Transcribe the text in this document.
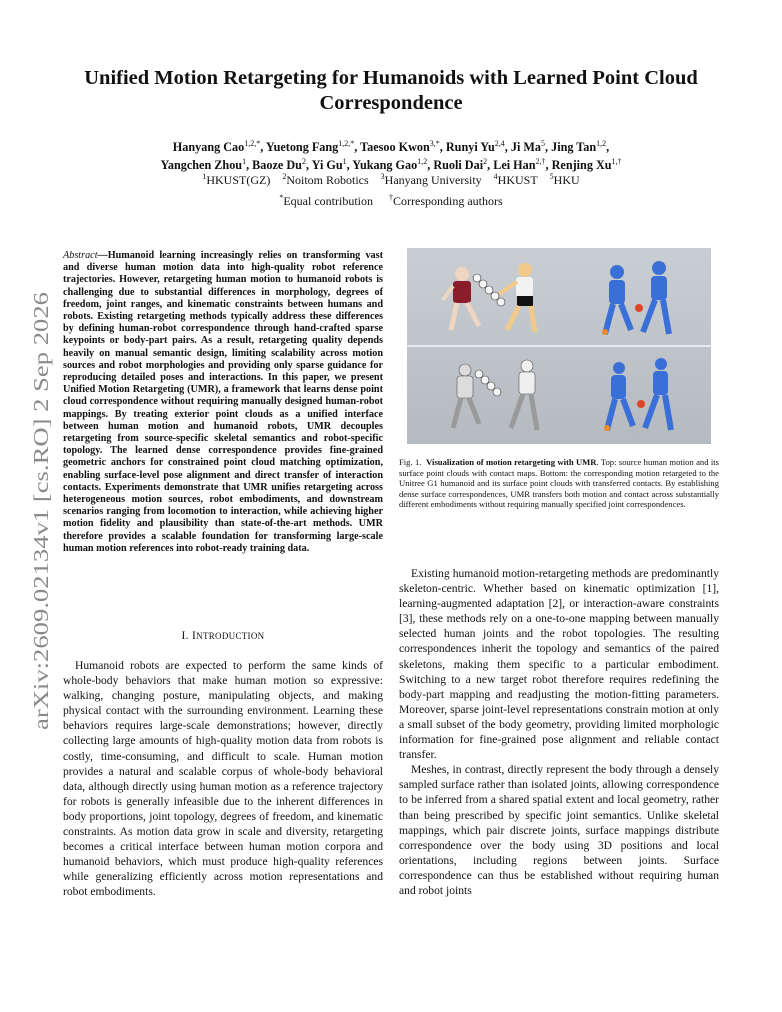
arXiv:2609.02134v1 [cs.RO] 2 Sep 2026
Unified Motion Retargeting for Humanoids with Learned Point Cloud Correspondence
Hanyang Cao$^{1,2,*}$, Yuetong Fang$^{1,2,*}$, Taesoo Kwon$^{3,*}$, Runyi Yu$^{2,4}$, Ji Ma$^5$, Jing Tan$^{1,2}$,
Yangchen Zhou$^1$, Baoze Du$^2$, Yi Gu$^1$, Yukang Gao$^{1,2}$, Ruoli Dai$^2$, Lei Han$^{2,\dagger}$, Renjing $Xu^{1,\dagger}$
$^1$HKUST(GZ) $^2$Noitom Robotics $^3$Hanyang University $^4$HKUST $^5$HKU
*Equal contribution †Corresponding authors
Abstract—Humanoid learning increasingly relies on transforming vast and diverse human motion data into high-quality robot reference trajectories. However, retargeting human motion to humanoid robots is challenging due to substantial differences in morphology, degrees of freedom, joint ranges, and kinematic constraints between humans and robots. Existing retargeting methods typically address these differences by defining human-robot correspondence through hand-crafted sparse keypoints or body-part pairs. As a result, retargeting quality depends heavily on manual semantic design, limiting scalability across motion sources and robot morphologies and providing only sparse guidance for reproducing detailed poses and interactions. In this paper, we present Unified Motion Retargeting (UMR), a framework that learns dense point cloud correspondence without requiring manually designed human-robot mappings. By treating exterior point clouds as a unified interface between human motion and humanoid robots, UMR decouples retargeting from source-specific skeletal semantics and robot-specific topology. The learned dense correspondence provides fine-grained geometric anchors for constrained point cloud matching optimization, enabling surface-level pose alignment and direct transfer of interaction contacts. Experiments demonstrate that UMR unifies retargeting across heterogeneous motion sources, robot embodiments, and downstream scenarios ranging from locomotion to interaction, while achieving higher motion fidelity and plausibility than state-of-the-art methods. UMR therefore provides a scalable foundation for transforming large-scale human motion references into robot-ready training data.
I. INTRODUCTION

Humanoid robots are expected to perform the same kinds of whole-body behaviors that make human motion so expressive: walking, changing posture, manipulating objects, and making physical contact with the surrounding environment. Learning these behaviors requires large-scale demonstrations; however, directly collecting large amounts of high-quality motion data from robots is costly, time-consuming, and difficult to scale. Human motion provides a natural and scalable corpus of whole-body behavioral data, although directly using human motion as a reference trajectory for robots is generally infeasible due to the inherent differences in body proportions, joint topology, degrees of freedom, and kinematic constraints. As motion data grow in scale and diversity, retargeting becomes a critical interface between human motion corpora and humanoid behaviors, which must produce high-quality references while generalizing efficiently across motion representations and robot embodiments.

Fig. 1. Visualization of motion retargeting with UMR. Top: source human motion and its surface point clouds with contact maps. Bottom: the corresponding motion retargeted to the Unitree G1 humanoid and its surface point clouds with transferred contacts. By establishing dense surface correspondences, UMR transfers both motion and contact across substantially different embodiments without requiring manually specified joint correspondences.

Existing humanoid motion-retargeting methods are predominantly skeleton-centric. Whether based on kinematic optimization [1], learning-augmented adaptation [2], or interaction-aware constraints [3], these methods rely on a one-to-one mapping between manually selected human joints and the robot topologies. The resulting correspondences inherit the topology and semantics of the paired skeletons, making them specific to a particular embodiment. Switching to a new target robot therefore requires redefining the body-part mapping and readjusting the motion-fitting parameters. Moreover, sparse joint-level representations constrain motion at only a small subset of the body geometry, providing limited morphologic information for fine-grained pose alignment and reliable contact transfer.

Meshes, in contrast, directly represent the body through a densely sampled surface rather than isolated joints, allowing correspondence to be inferred from a shared spatial extent and local geometry, rather than being prescribed by specific joint semantics. Unlike skeletal mappings, which pair discrete joints, surface mappings distribute correspondence over the body using 3D positions and local orientations, including regions between joints. Surface correspondence can thus be established without requiring human and robot joints
